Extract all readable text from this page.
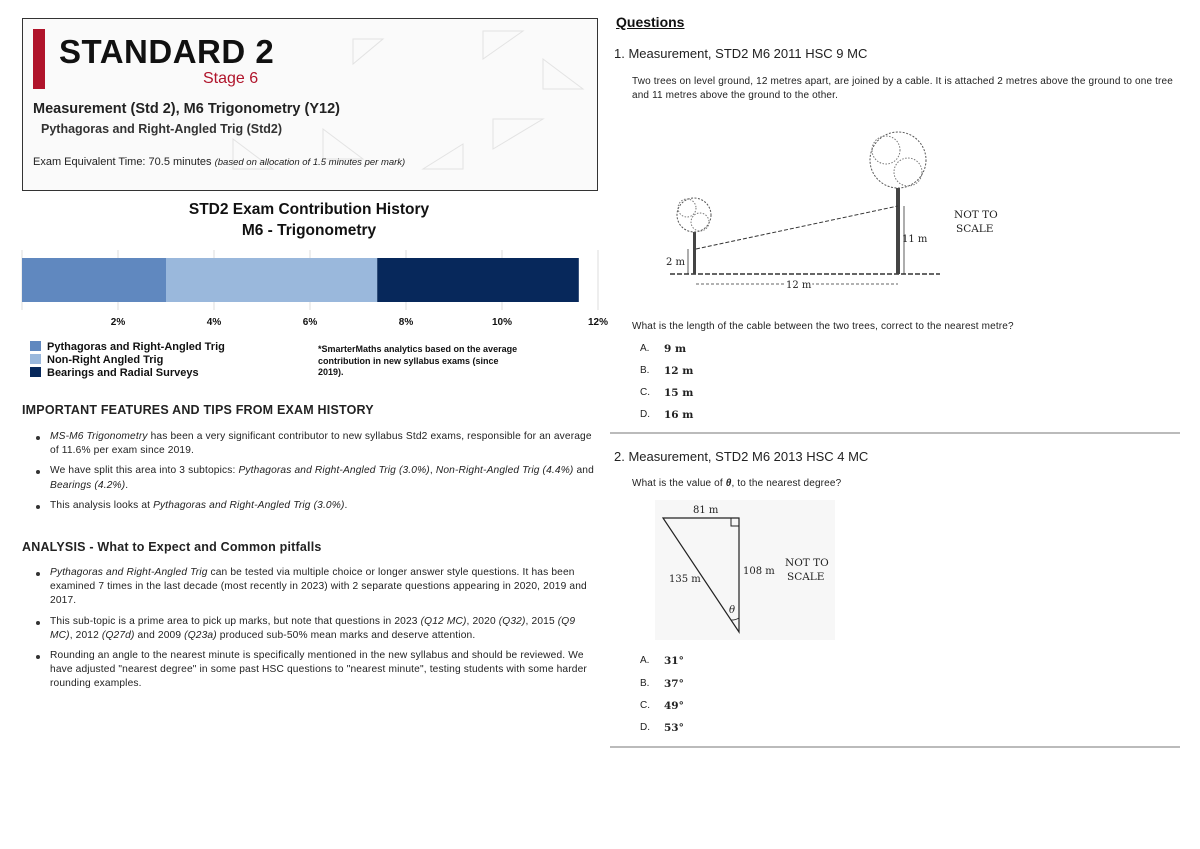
STANDARD 2
Stage 6
Measurement (Std 2), M6 Trigonometry (Y12)
Pythagoras and Right-Angled Trig (Std2)
Exam Equivalent Time: 70.5 minutes (based on allocation of 1.5 minutes per mark)
STD2 Exam Contribution History
M6 - Trigonometry
2%	4%	6%	8%	10%	12%
Pythagoras and Right-Angled Trig
Non-Right Angled Trig
Bearings and Radial Surveys
*SmarterMaths analytics based on the average contribution in new syllabus exams (since 2019).
IMPORTANT FEATURES AND TIPS FROM EXAM HISTORY
MS-M6 Trigonometry has been a very significant contributor to new syllabus Std2 exams, responsible for an average of 11.6% per exam since 2019.
We have split this area into 3 subtopics: Pythagoras and Right-Angled Trig (3.0%), Non-Right-Angled Trig (4.4%) and Bearings (4.2%).
This analysis looks at Pythagoras and Right-Angled Trig (3.0%).
ANALYSIS - What to Expect and Common pitfalls
Pythagoras and Right-Angled Trig can be tested via multiple choice or longer answer style questions. It has been examined 7 times in the last decade (most recently in 2023) with 2 separate questions appearing in 2020, 2019 and 2017.
This sub-topic is a prime area to pick up marks, but note that questions in 2023 (Q12 MC), 2020 (Q32), 2015 (Q9 MC), 2012 (Q27d) and 2009 (Q23a) produced sub-50% mean marks and deserve attention.
Rounding an angle to the nearest minute is specifically mentioned in the new syllabus and should be reviewed. We have adjusted "nearest degree" in some past HSC questions to "nearest minute", testing students with some harder rounding examples.
Questions
1. Measurement, STD2 M6 2011 HSC 9 MC
Two trees on level ground, 12 metres apart, are joined by a cable. It is attached 2 metres above the ground to one tree and 11 metres above the ground to the other.
2 m
11 m
12 m
NOT TO
SCALE
What is the length of the cable between the two trees, correct to the nearest metre?
A. 9 m
B. 12 m
C. 15 m
D. 16 m
2. Measurement, STD2 M6 2013 HSC 4 MC
What is the value of θ, to the nearest degree?
81 m
135 m
108 m
θ
NOT TO
SCALE
A. 31°
B. 37°
C. 49°
D. 53°
